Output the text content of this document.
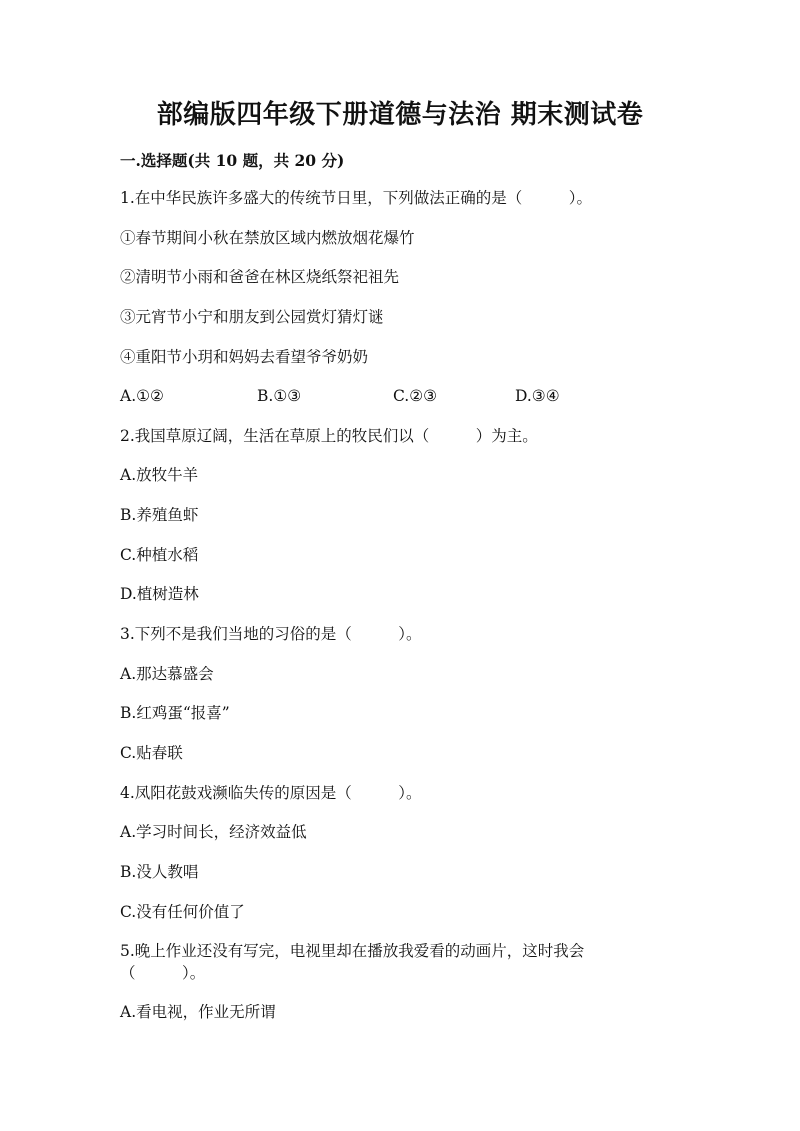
部编版四年级下册道德与法治 期末测试卷
一.选择题(共 10 题，共 20 分)
1.在中华民族许多盛大的传统节日里，下列做法正确的是（　　　）。
①春节期间小秋在禁放区域内燃放烟花爆竹
②清明节小雨和爸爸在林区烧纸祭祀祖先
③元宵节小宁和朋友到公园赏灯猜灯谜
④重阳节小玥和妈妈去看望爷爷奶奶
A.①②	B.①③	C.②③	D.③④
2.我国草原辽阔，生活在草原上的牧民们以（　　　）为主。
A.放牧牛羊
B.养殖鱼虾
C.种植水稻
D.植树造林
3.下列不是我们当地的习俗的是（　　　）。
A.那达慕盛会
B.红鸡蛋“报喜”
C.贴春联
4.凤阳花鼓戏濒临失传的原因是（　　　）。
A.学习时间长，经济效益低
B.没人教唱
C.没有任何价值了
5.晚上作业还没有写完，电视里却在播放我爱看的动画片，这时我会
（　　　）。
A.看电视，作业无所谓
